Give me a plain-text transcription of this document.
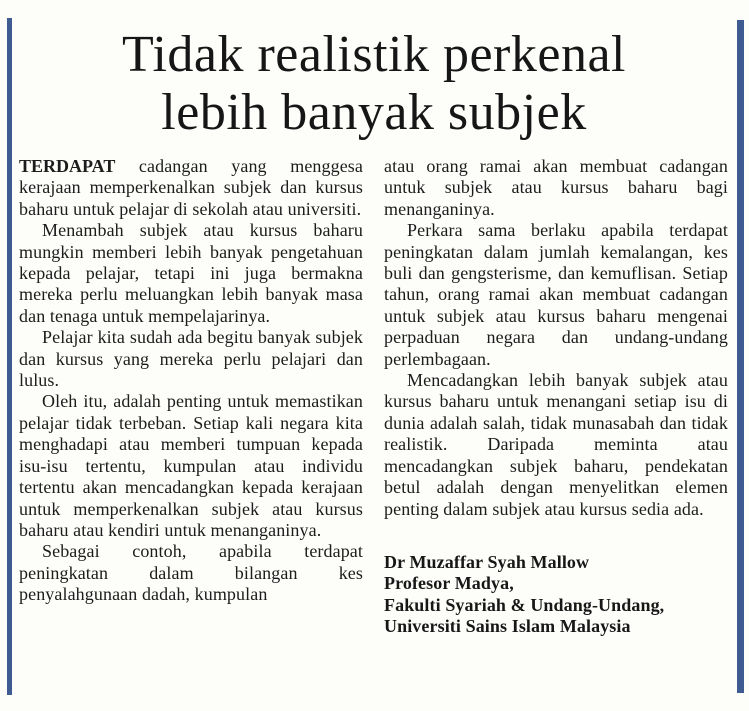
Tidak realistik perkenal
lebih banyak subjek

TERDAPAT cadangan yang menggesa kerajaan memperkenalkan subjek dan kursus baharu untuk pelajar di sekolah atau universiti.

Menambah subjek atau kursus baharu mungkin memberi lebih banyak pengetahuan kepada pelajar, tetapi ini juga bermakna mereka perlu meluangkan lebih banyak masa dan tenaga untuk mempelajarinya.

Pelajar kita sudah ada begitu banyak subjek dan kursus yang mereka perlu pelajari dan lulus.

Oleh itu, adalah penting untuk memastikan pelajar tidak terbeban. Setiap kali negara kita menghadapi atau memberi tumpuan kepada isu-isu tertentu, kumpulan atau individu tertentu akan mencadangkan kepada kerajaan untuk memperkenalkan subjek atau kursus baharu atau kendiri untuk menanganinya.

Sebagai contoh, apabila terdapat peningkatan dalam bilangan kes penyalahgunaan dadah, kumpulan

atau orang ramai akan membuat cadangan untuk subjek atau kursus baharu bagi menanganinya.

Perkara sama berlaku apabila terdapat peningkatan dalam jumlah kemalangan, kes buli dan gengsterisme, dan kemuflisan. Setiap tahun, orang ramai akan membuat cadangan untuk subjek atau kursus baharu mengenai perpaduan negara dan undang-undang perlembagaan.

Mencadangkan lebih banyak subjek atau kursus baharu untuk menangani setiap isu di dunia adalah salah, tidak munasabah dan tidak realistik. Daripada meminta atau mencadangkan subjek baharu, pendekatan betul adalah dengan menyelitkan elemen penting dalam subjek atau kursus sedia ada.

Dr Muzaffar Syah Mallow
Profesor Madya,
Fakulti Syariah & Undang-Undang,
Universiti Sains Islam Malaysia
